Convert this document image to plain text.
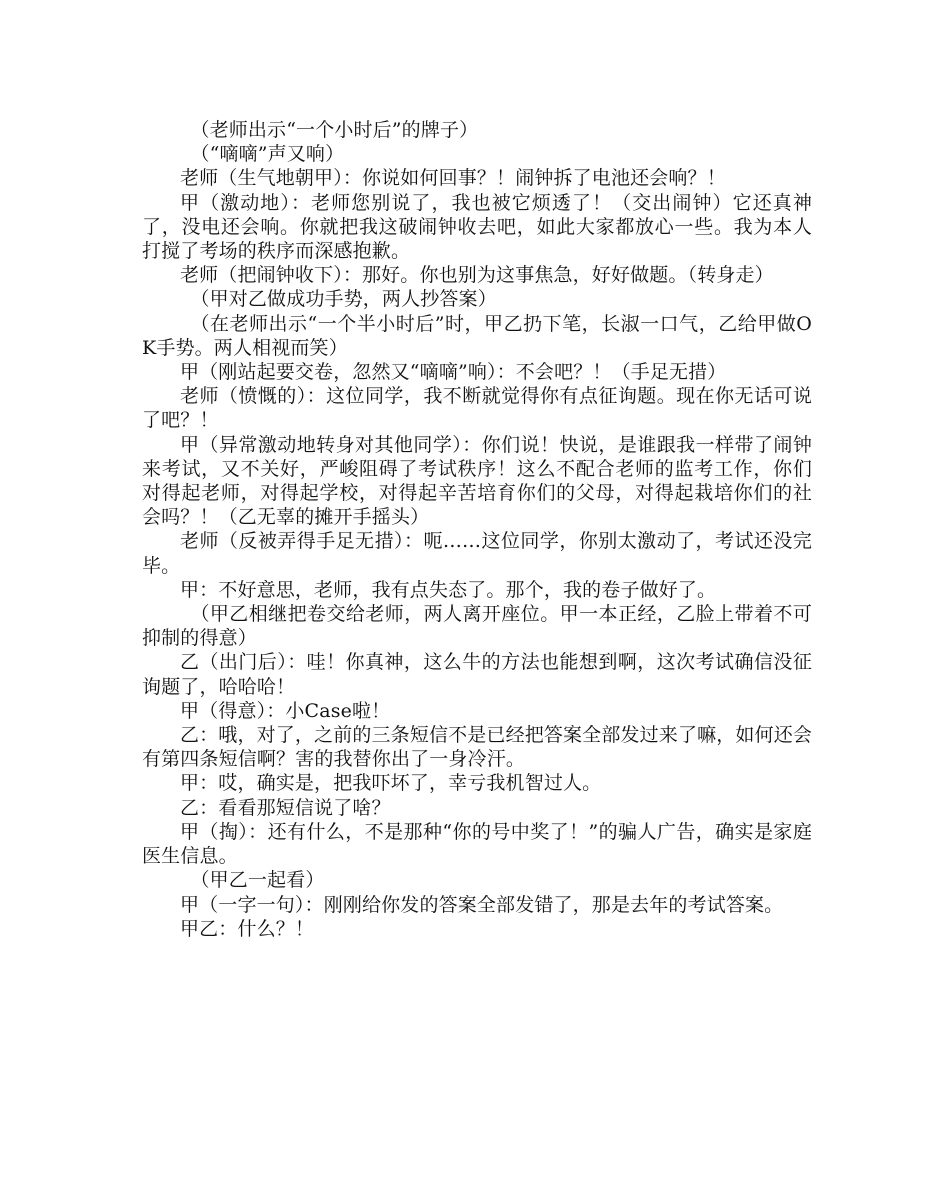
（老师出示“一个小时后”的牌子）

（“嘀嘀”声又响）

老师（生气地朝甲）：你说如何回事？！闹钟拆了电池还会响？！

甲（激动地）：老师您别说了，我也被它烦透了！（交出闹钟）它还真神了，没电还会响。你就把我这破闹钟收去吧，如此大家都放心一些。我为本人打搅了考场的秩序而深感抱歉。

老师（把闹钟收下）：那好。你也别为这事焦急，好好做题。（转身走）

（甲对乙做成功手势，两人抄答案）

（在老师出示“一个半小时后”时，甲乙扔下笔，长淑一口气，乙给甲做OK手势。两人相视而笑）

甲（刚站起要交卷，忽然又“嘀嘀”响）：不会吧？！（手足无措）

老师（愤慨的）：这位同学，我不断就觉得你有点征询题。现在你无话可说了吧？！

甲（异常激动地转身对其他同学）：你们说！快说，是谁跟我一样带了闹钟来考试，又不关好，严峻阻碍了考试秩序！这么不配合老师的监考工作，你们对得起老师，对得起学校，对得起辛苦培育你们的父母，对得起栽培你们的社会吗？！（乙无辜的摊开手摇头）

老师（反被弄得手足无措）：呃……这位同学，你别太激动了，考试还没完毕。

甲：不好意思，老师，我有点失态了。那个，我的卷子做好了。

（甲乙相继把卷交给老师，两人离开座位。甲一本正经，乙脸上带着不可抑制的得意）

乙（出门后）：哇！你真神，这么牛的方法也能想到啊，这次考试确信没征询题了，哈哈哈！

甲（得意）：小Case啦！

乙：哦，对了，之前的三条短信不是已经把答案全部发过来了嘛，如何还会有第四条短信啊？害的我替你出了一身冷汗。

甲：哎，确实是，把我吓坏了，幸亏我机智过人。

乙：看看那短信说了啥？

甲（掏）：还有什么，不是那种“你的号中奖了！”的骗人广告，确实是家庭医生信息。

（甲乙一起看）

甲（一字一句）：刚刚给你发的答案全部发错了，那是去年的考试答案。

甲乙：什么？！
